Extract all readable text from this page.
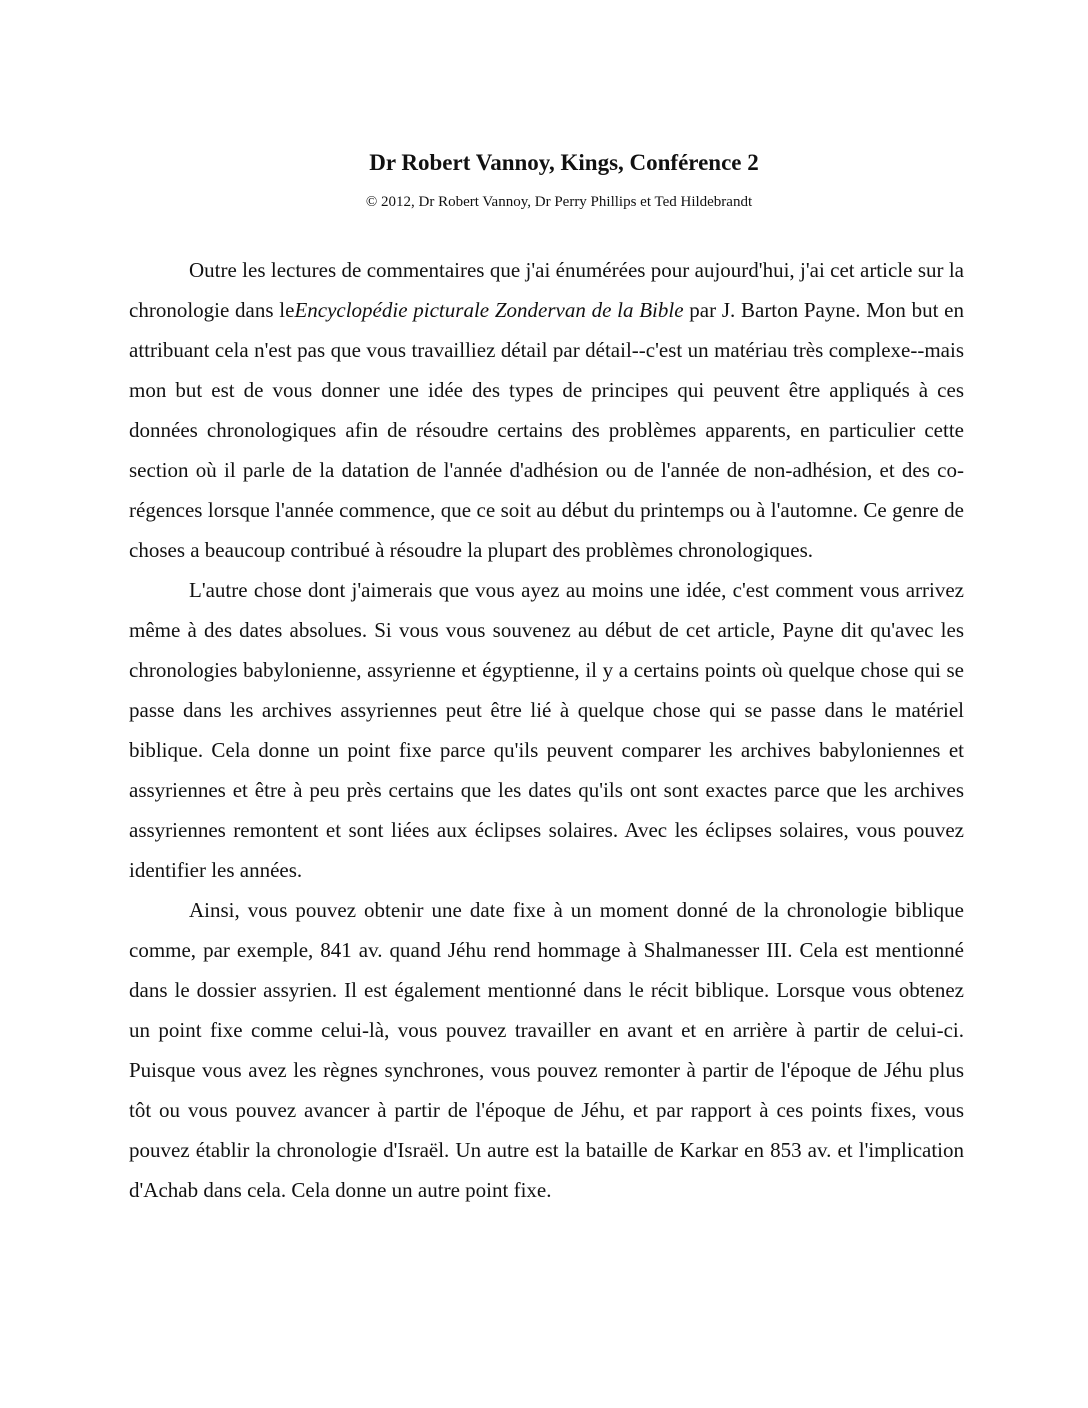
Dr Robert Vannoy, Kings, Conférence 2
© 2012, Dr Robert Vannoy, Dr Perry Phillips et Ted Hildebrandt

Outre les lectures de commentaires que j'ai énumérées pour aujourd'hui, j'ai cet article sur la chronologie dans leEncyclopédie picturale Zondervan de la Bible par J. Barton Payne. Mon but en attribuant cela n'est pas que vous travailliez détail par détail--c'est un matériau très complexe--mais mon but est de vous donner une idée des types de principes qui peuvent être appliqués à ces données chronologiques afin de résoudre certains des problèmes apparents, en particulier cette section où il parle de la datation de l'année d'adhésion ou de l'année de non-adhésion, et des co-régences lorsque l'année commence, que ce soit au début du printemps ou à l'automne. Ce genre de choses a beaucoup contribué à résoudre la plupart des problèmes chronologiques.

L'autre chose dont j'aimerais que vous ayez au moins une idée, c'est comment vous arrivez même à des dates absolues. Si vous vous souvenez au début de cet article, Payne dit qu'avec les chronologies babylonienne, assyrienne et égyptienne, il y a certains points où quelque chose qui se passe dans les archives assyriennes peut être lié à quelque chose qui se passe dans le matériel biblique. Cela donne un point fixe parce qu'ils peuvent comparer les archives babyloniennes et assyriennes et être à peu près certains que les dates qu'ils ont sont exactes parce que les archives assyriennes remontent et sont liées aux éclipses solaires. Avec les éclipses solaires, vous pouvez identifier les années.

Ainsi, vous pouvez obtenir une date fixe à un moment donné de la chronologie biblique comme, par exemple, 841 av. quand Jéhu rend hommage à Shalmanesser III. Cela est mentionné dans le dossier assyrien. Il est également mentionné dans le récit biblique. Lorsque vous obtenez un point fixe comme celui-là, vous pouvez travailler en avant et en arrière à partir de celui-ci. Puisque vous avez les règnes synchrones, vous pouvez remonter à partir de l'époque de Jéhu plus tôt ou vous pouvez avancer à partir de l'époque de Jéhu, et par rapport à ces points fixes, vous pouvez établir la chronologie d'Israël. Un autre est la bataille de Karkar en 853 av. et l'implication d'Achab dans cela. Cela donne un autre point fixe.
